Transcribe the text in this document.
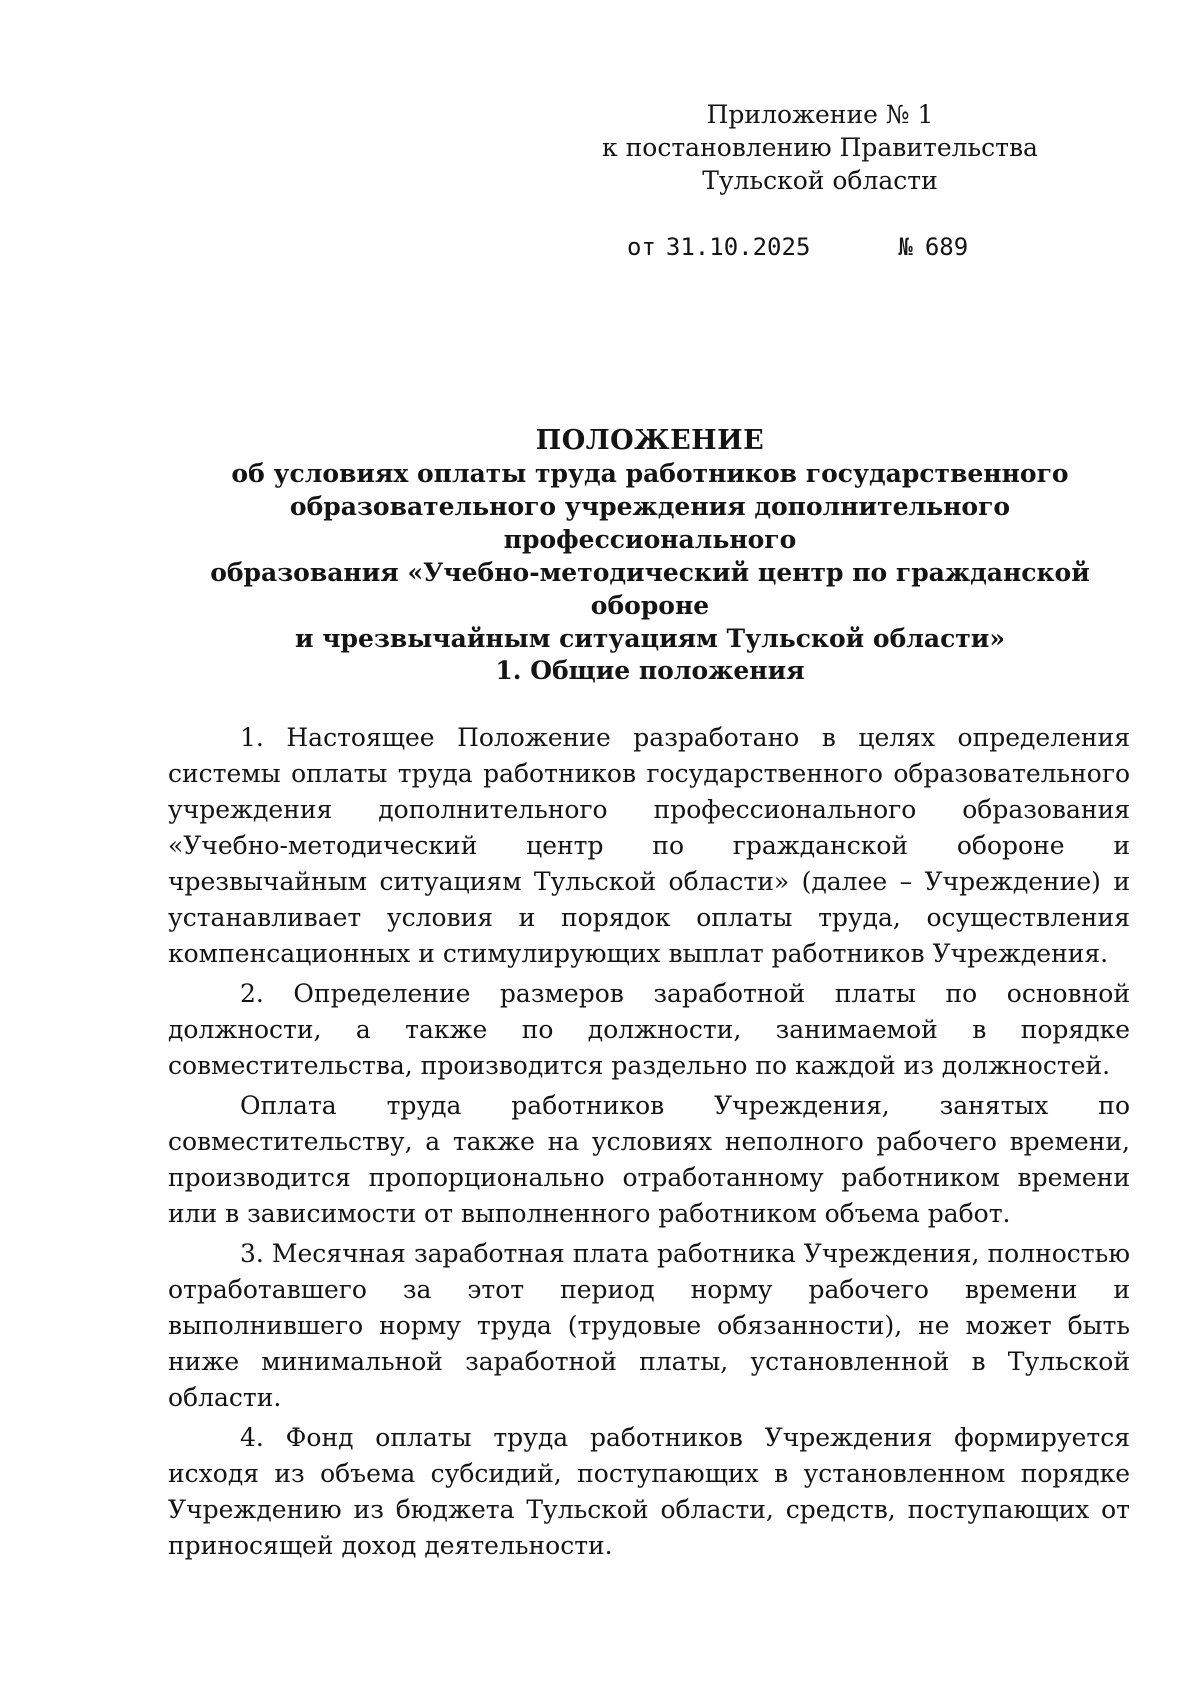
Приложение № 1
к постановлению Правительства
Тульской области
от 31.10.2025	№ 689
ПОЛОЖЕНИЕ
об условиях оплаты труда работников государственного
образовательного учреждения дополнительного профессионального
образования «Учебно-методический центр по гражданской обороне
и чрезвычайным ситуациям Тульской области»
1. Общие положения

1. Настоящее Положение разработано в целях определения системы оплаты труда работников государственного образовательного учреждения дополнительного профессионального образования «Учебно-методический центр по гражданской обороне и чрезвычайным ситуациям Тульской области» (далее – Учреждение) и устанавливает условия и порядок оплаты труда, осуществления компенсационных и стимулирующих выплат работников Учреждения.

2. Определение размеров заработной платы по основной должности, а также по должности, занимаемой в порядке совместительства, производится раздельно по каждой из должностей.

Оплата труда работников Учреждения, занятых по совместительству, а также на условиях неполного рабочего времени, производится пропорционально отработанному работником времени или в зависимости от выполненного работником объема работ.

3. Месячная заработная плата работника Учреждения, полностью отработавшего за этот период норму рабочего времени и выполнившего норму труда (трудовые обязанности), не может быть ниже минимальной заработной платы, установленной в Тульской области.

4. Фонд оплаты труда работников Учреждения формируется исходя из объема субсидий, поступающих в установленном порядке Учреждению из бюджета Тульской области, средств, поступающих от приносящей доход деятельности.
